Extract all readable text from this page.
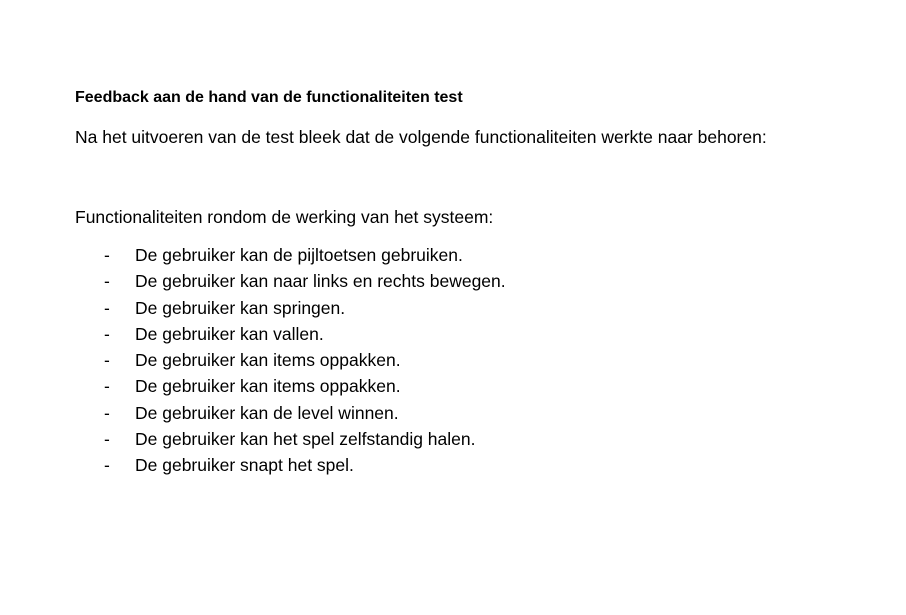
Feedback aan de hand van de functionaliteiten test
Na het uitvoeren van de test bleek dat de volgende functionaliteiten werkte naar behoren:
Functionaliteiten rondom de werking van het systeem:
- De gebruiker kan de pijltoetsen gebruiken.
- De gebruiker kan naar links en rechts bewegen.
- De gebruiker kan springen.
- De gebruiker kan vallen.
- De gebruiker kan items oppakken.
- De gebruiker kan items oppakken.
- De gebruiker kan de level winnen.
- De gebruiker kan het spel zelfstandig halen.
- De gebruiker snapt het spel.
